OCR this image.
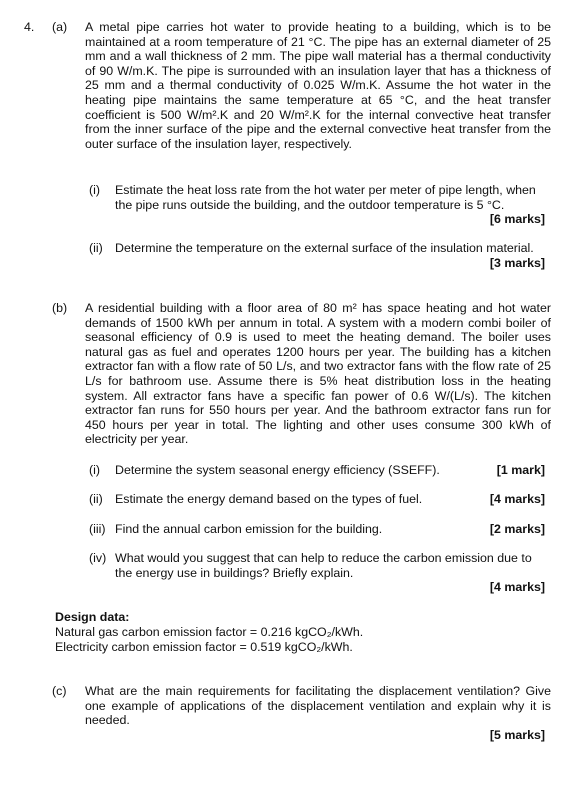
4. (a) A metal pipe carries hot water to provide heating to a building, which is to be maintained at a room temperature of 21 °C. The pipe has an external diameter of 25 mm and a wall thickness of 2 mm. The pipe wall material has a thermal conductivity of 90 W/m.K. The pipe is surrounded with an insulation layer that has a thickness of 25 mm and a thermal conductivity of 0.025 W/m.K. Assume the hot water in the heating pipe maintains the same temperature at 65 °C, and the heat transfer coefficient is 500 W/m².K and 20 W/m².K for the internal convective heat transfer from the inner surface of the pipe and the external convective heat transfer from the outer surface of the insulation layer, respectively.
(i) Estimate the heat loss rate from the hot water per meter of pipe length, when the pipe runs outside the building, and the outdoor temperature is 5 °C.
[6 marks]
(ii) Determine the temperature on the external surface of the insulation material.
[3 marks]
(b) A residential building with a floor area of 80 m² has space heating and hot water demands of 1500 kWh per annum in total. A system with a modern combi boiler of seasonal efficiency of 0.9 is used to meet the heating demand. The boiler uses natural gas as fuel and operates 1200 hours per year. The building has a kitchen extractor fan with a flow rate of 50 L/s, and two extractor fans with the flow rate of 25 L/s for bathroom use. Assume there is 5% heat distribution loss in the heating system. All extractor fans have a specific fan power of 0.6 W/(L/s). The kitchen extractor fan runs for 550 hours per year. And the bathroom extractor fans run for 450 hours per year in total. The lighting and other uses consume 300 kWh of electricity per year.
(i) Determine the system seasonal energy efficiency (SSEFF).	[1 mark]
(ii) Estimate the energy demand based on the types of fuel.	[4 marks]
(iii) Find the annual carbon emission for the building.	[2 marks]
(iv) What would you suggest that can help to reduce the carbon emission due to the energy use in buildings? Briefly explain.
[4 marks]
Design data:
Natural gas carbon emission factor = 0.216 kgCO₂/kWh.
Electricity carbon emission factor = 0.519 kgCO₂/kWh.
(c) What are the main requirements for facilitating the displacement ventilation? Give one example of applications of the displacement ventilation and explain why it is needed.
[5 marks]
